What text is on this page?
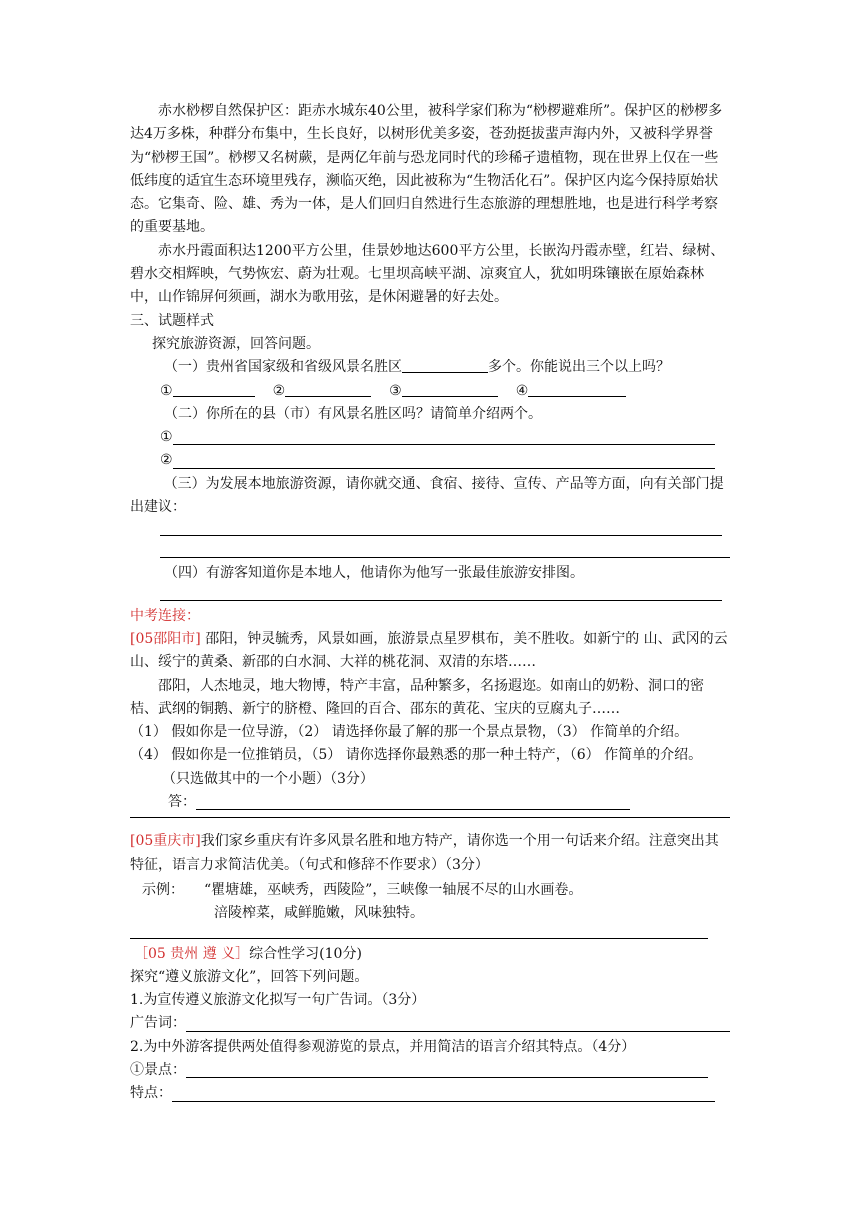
赤水桫椤自然保护区：距赤水城东40公里，被科学家们称为“桫椤避难所”。保护区的桫椤多达4万多株，种群分布集中，生长良好，以树形优美多姿，苍劲挺拔蜚声海内外，又被科学界誉为“桫椤王国”。桫椤又名树蕨，是两亿年前与恐龙同时代的珍稀孑遗植物，现在世界上仅在一些低纬度的适宜生态环境里残存，濒临灭绝，因此被称为“生物活化石”。保护区内迄今保持原始状态。它集奇、险、雄、秀为一体，是人们回归自然进行生态旅游的理想胜地，也是进行科学考察的重要基地。

赤水丹霞面积达1200平方公里，佳景妙地达600平方公里，长嵌沟丹霞赤壁，红岩、绿树、碧水交相辉映，气势恢宏、蔚为壮观。七里坝高峡平湖、凉爽宜人，犹如明珠镶嵌在原始森林中，山作锦屏何须画，湖水为歌用弦，是休闲避暑的好去处。

三、试题样式

探究旅游资源，回答问题。

（一）贵州省国家级和省级风景名胜区	多个。你能说出三个以上吗？

①	②	③	④

（二）你所在的县（市）有风景名胜区吗？请简单介绍两个。

①
②

（三）为发展本地旅游资源，请你就交通、食宿、接待、宣传、产品等方面，向有关部门提出建议：

（四）有游客知道你是本地人，他请你为他写一张最佳旅游安排图。

中考连接：

[05邵阳市] 邵阳，钟灵毓秀，风景如画，旅游景点星罗棋布，美不胜收。如新宁的 山、武冈的云山、绥宁的黄桑、新邵的白水洞、大祥的桃花洞、双清的东塔……

邵阳，人杰地灵，地大物博，特产丰富，品种繁多，名扬遐迩。如南山的奶粉、洞口的密桔、武纲的铜鹅、新宁的脐橙、隆回的百合、邵东的黄花、宝庆的豆腐丸子……

（1） 假如你是一位导游，（2） 请选择你最了解的那一个景点景物，（3） 作简单的介绍。

（4） 假如你是一位推销员，（5） 请你选择你最熟悉的那一种土特产，（6） 作简单的介绍。

（只选做其中的一个小题）（3分）

答：

[05重庆市]我们家乡重庆有许多风景名胜和地方特产，请你选一个用一句话来介绍。注意突出其特征，语言力求简洁优美。（句式和修辞不作要求）（3分）

示例： “瞿塘雄，巫峡秀，西陵险”，三峡像一轴展不尽的山水画卷。

涪陵榨菜，咸鲜脆嫩，风味独特。

［05 贵州 遵 义］综合性学习(10分)

探究“遵义旅游文化”，回答下列问题。

1.为宣传遵义旅游文化拟写一句广告词。（3分）

广告词：

2.为中外游客提供两处值得参观游览的景点，并用简洁的语言介绍其特点。（4分）

①景点：
特点：
